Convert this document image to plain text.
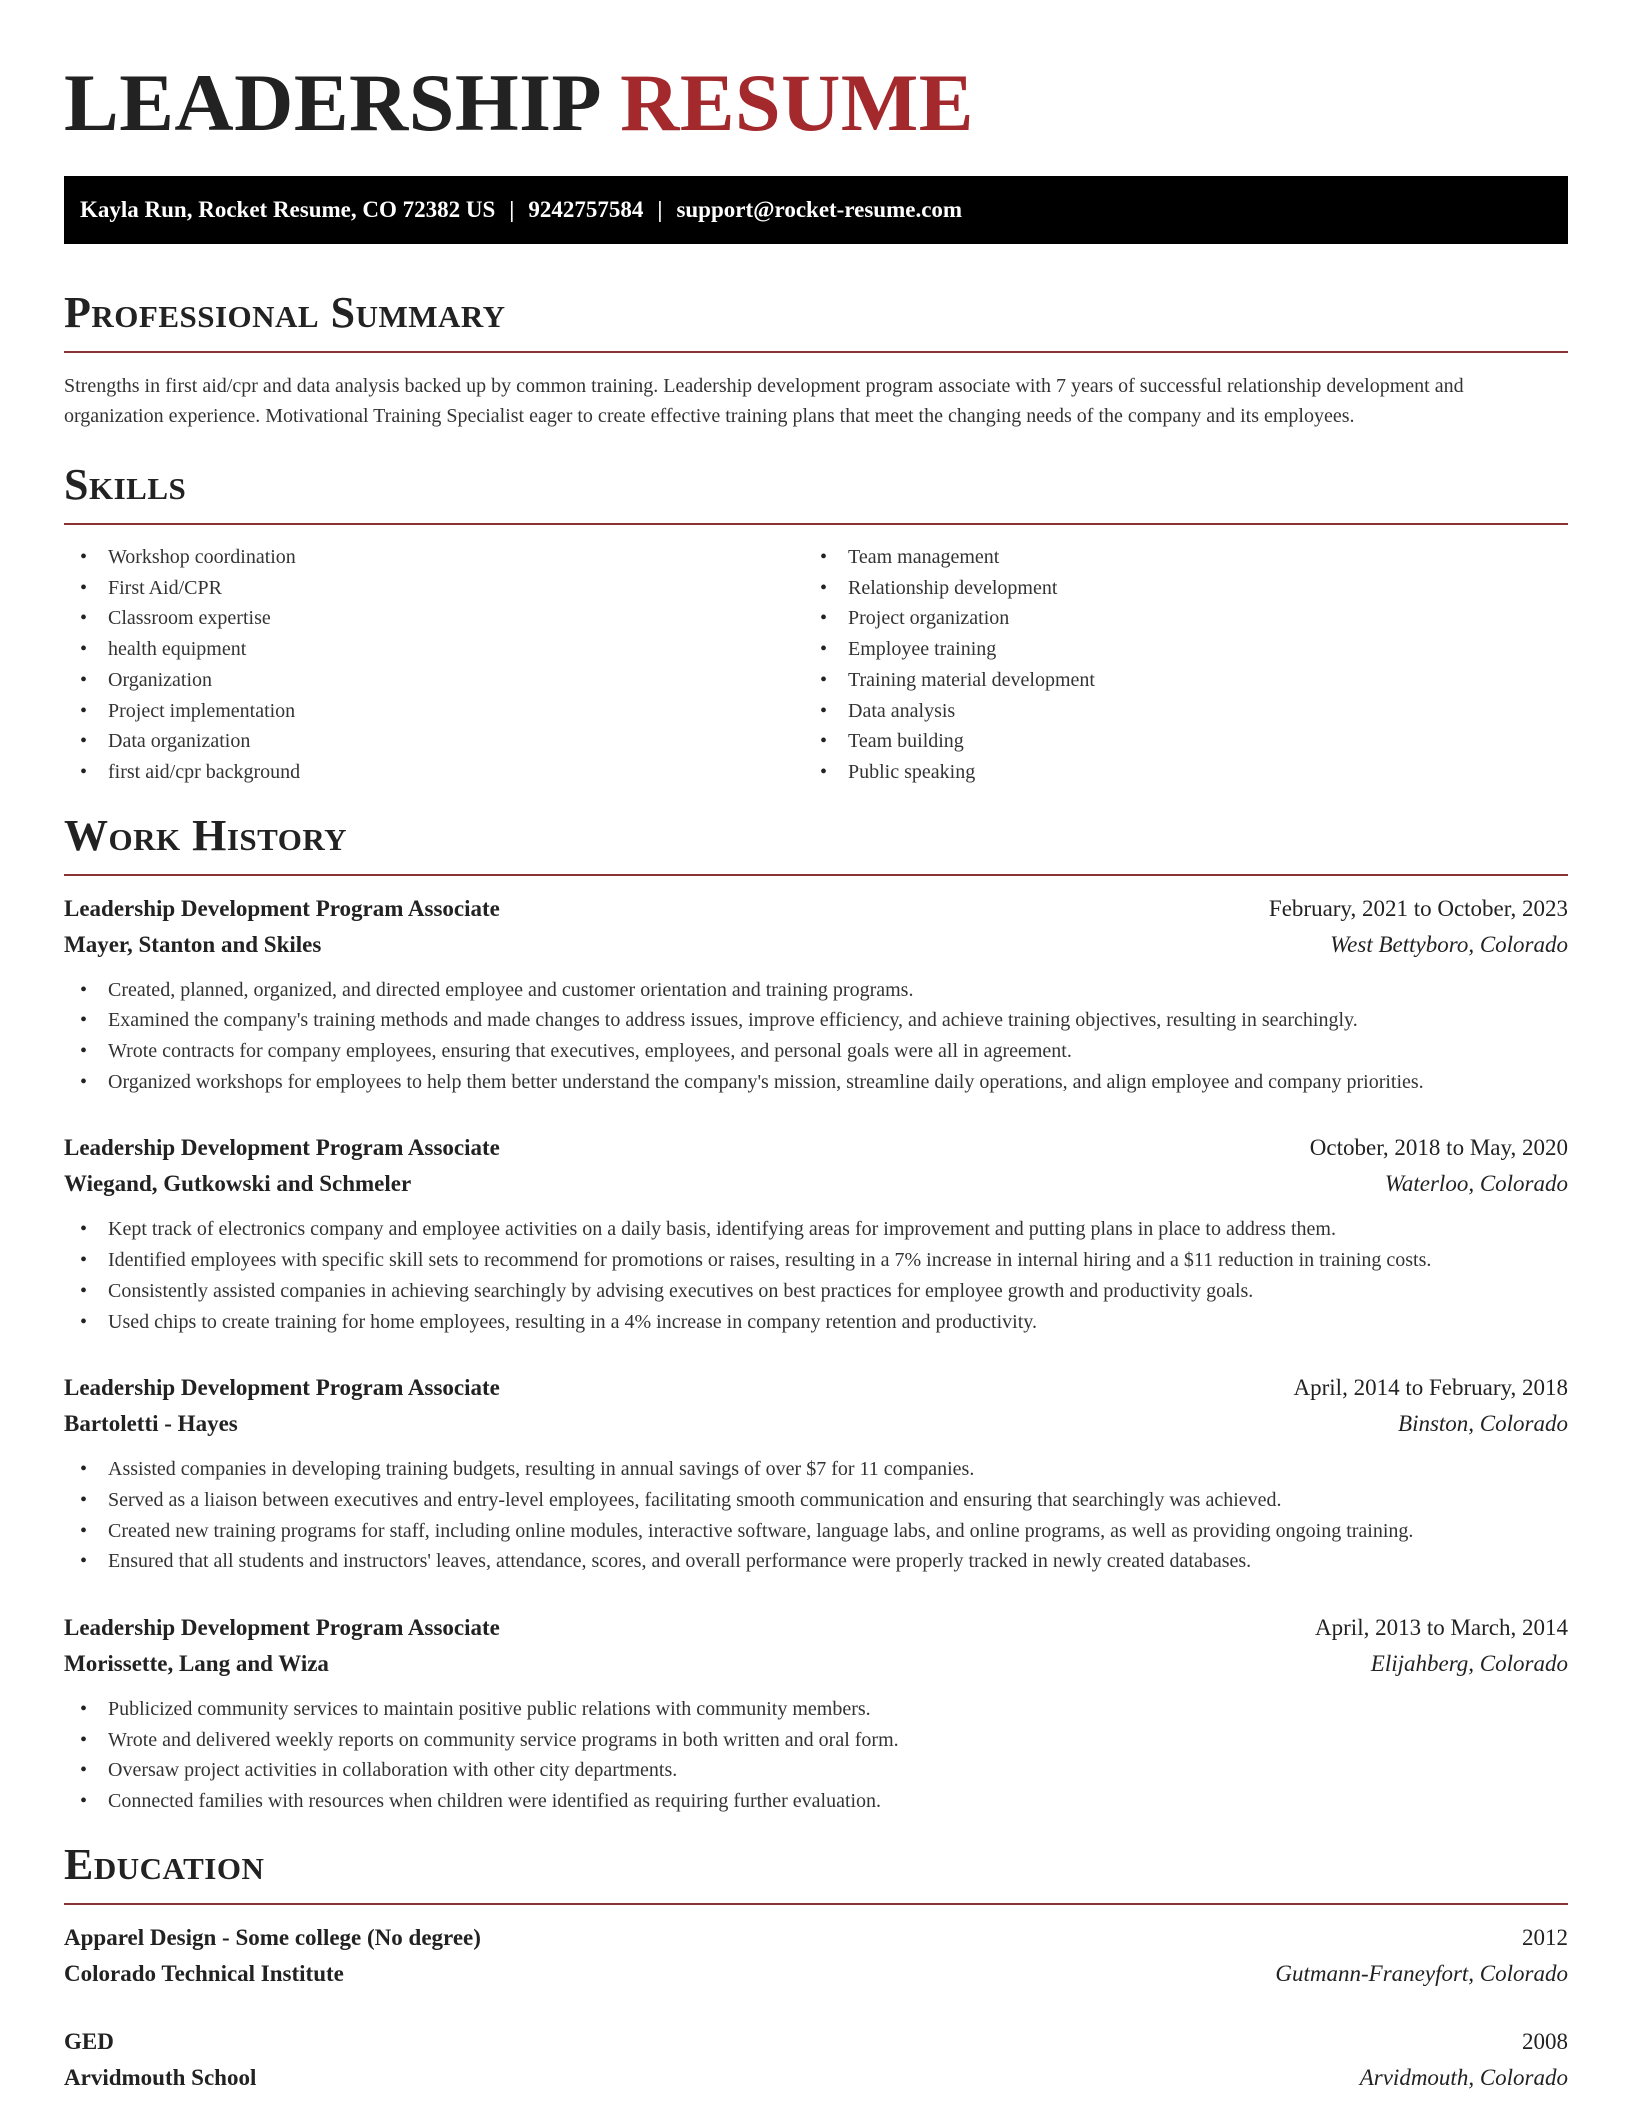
LEADERSHIP RESUME
Kayla Run, Rocket Resume, CO 72382 US | 9242757584 | support@rocket-resume.com
Professional Summary

Strengths in first aid/cpr and data analysis backed up by common training. Leadership development program associate with 7 years of successful relationship development and organization experience. Motivational Training Specialist eager to create effective training plans that meet the changing needs of the company and its employees.

Skills
• Workshop coordination
• First Aid/CPR
• Classroom expertise
• health equipment
• Organization
• Project implementation
• Data organization
• first aid/cpr background
• Team management
• Relationship development
• Project organization
• Employee training
• Training material development
• Data analysis
• Team building
• Public speaking
Work History
Leadership Development Program Associate	February, 2021 to October, 2023
Mayer, Stanton and Skiles	West Bettyboro, Colorado
• Created, planned, organized, and directed employee and customer orientation and training programs.
• Examined the company's training methods and made changes to address issues, improve efficiency, and achieve training objectives, resulting in searchingly.
• Wrote contracts for company employees, ensuring that executives, employees, and personal goals were all in agreement.
• Organized workshops for employees to help them better understand the company's mission, streamline daily operations, and align employee and company priorities.
Leadership Development Program Associate	October, 2018 to May, 2020
Wiegand, Gutkowski and Schmeler	Waterloo, Colorado
• Kept track of electronics company and employee activities on a daily basis, identifying areas for improvement and putting plans in place to address them.
• Identified employees with specific skill sets to recommend for promotions or raises, resulting in a 7% increase in internal hiring and a $11 reduction in training costs.
• Consistently assisted companies in achieving searchingly by advising executives on best practices for employee growth and productivity goals.
• Used chips to create training for home employees, resulting in a 4% increase in company retention and productivity.
Leadership Development Program Associate	April, 2014 to February, 2018
Bartoletti - Hayes	Binston, Colorado
• Assisted companies in developing training budgets, resulting in annual savings of over $7 for 11 companies.
• Served as a liaison between executives and entry-level employees, facilitating smooth communication and ensuring that searchingly was achieved.
• Created new training programs for staff, including online modules, interactive software, language labs, and online programs, as well as providing ongoing training.
• Ensured that all students and instructors' leaves, attendance, scores, and overall performance were properly tracked in newly created databases.
Leadership Development Program Associate	April, 2013 to March, 2014
Morissette, Lang and Wiza	Elijahberg, Colorado
• Publicized community services to maintain positive public relations with community members.
• Wrote and delivered weekly reports on community service programs in both written and oral form.
• Oversaw project activities in collaboration with other city departments.
• Connected families with resources when children were identified as requiring further evaluation.
Education
Apparel Design - Some college (No degree)	2012
Colorado Technical Institute	Gutmann-Franeyfort, Colorado
GED	2008
Arvidmouth School	Arvidmouth, Colorado
